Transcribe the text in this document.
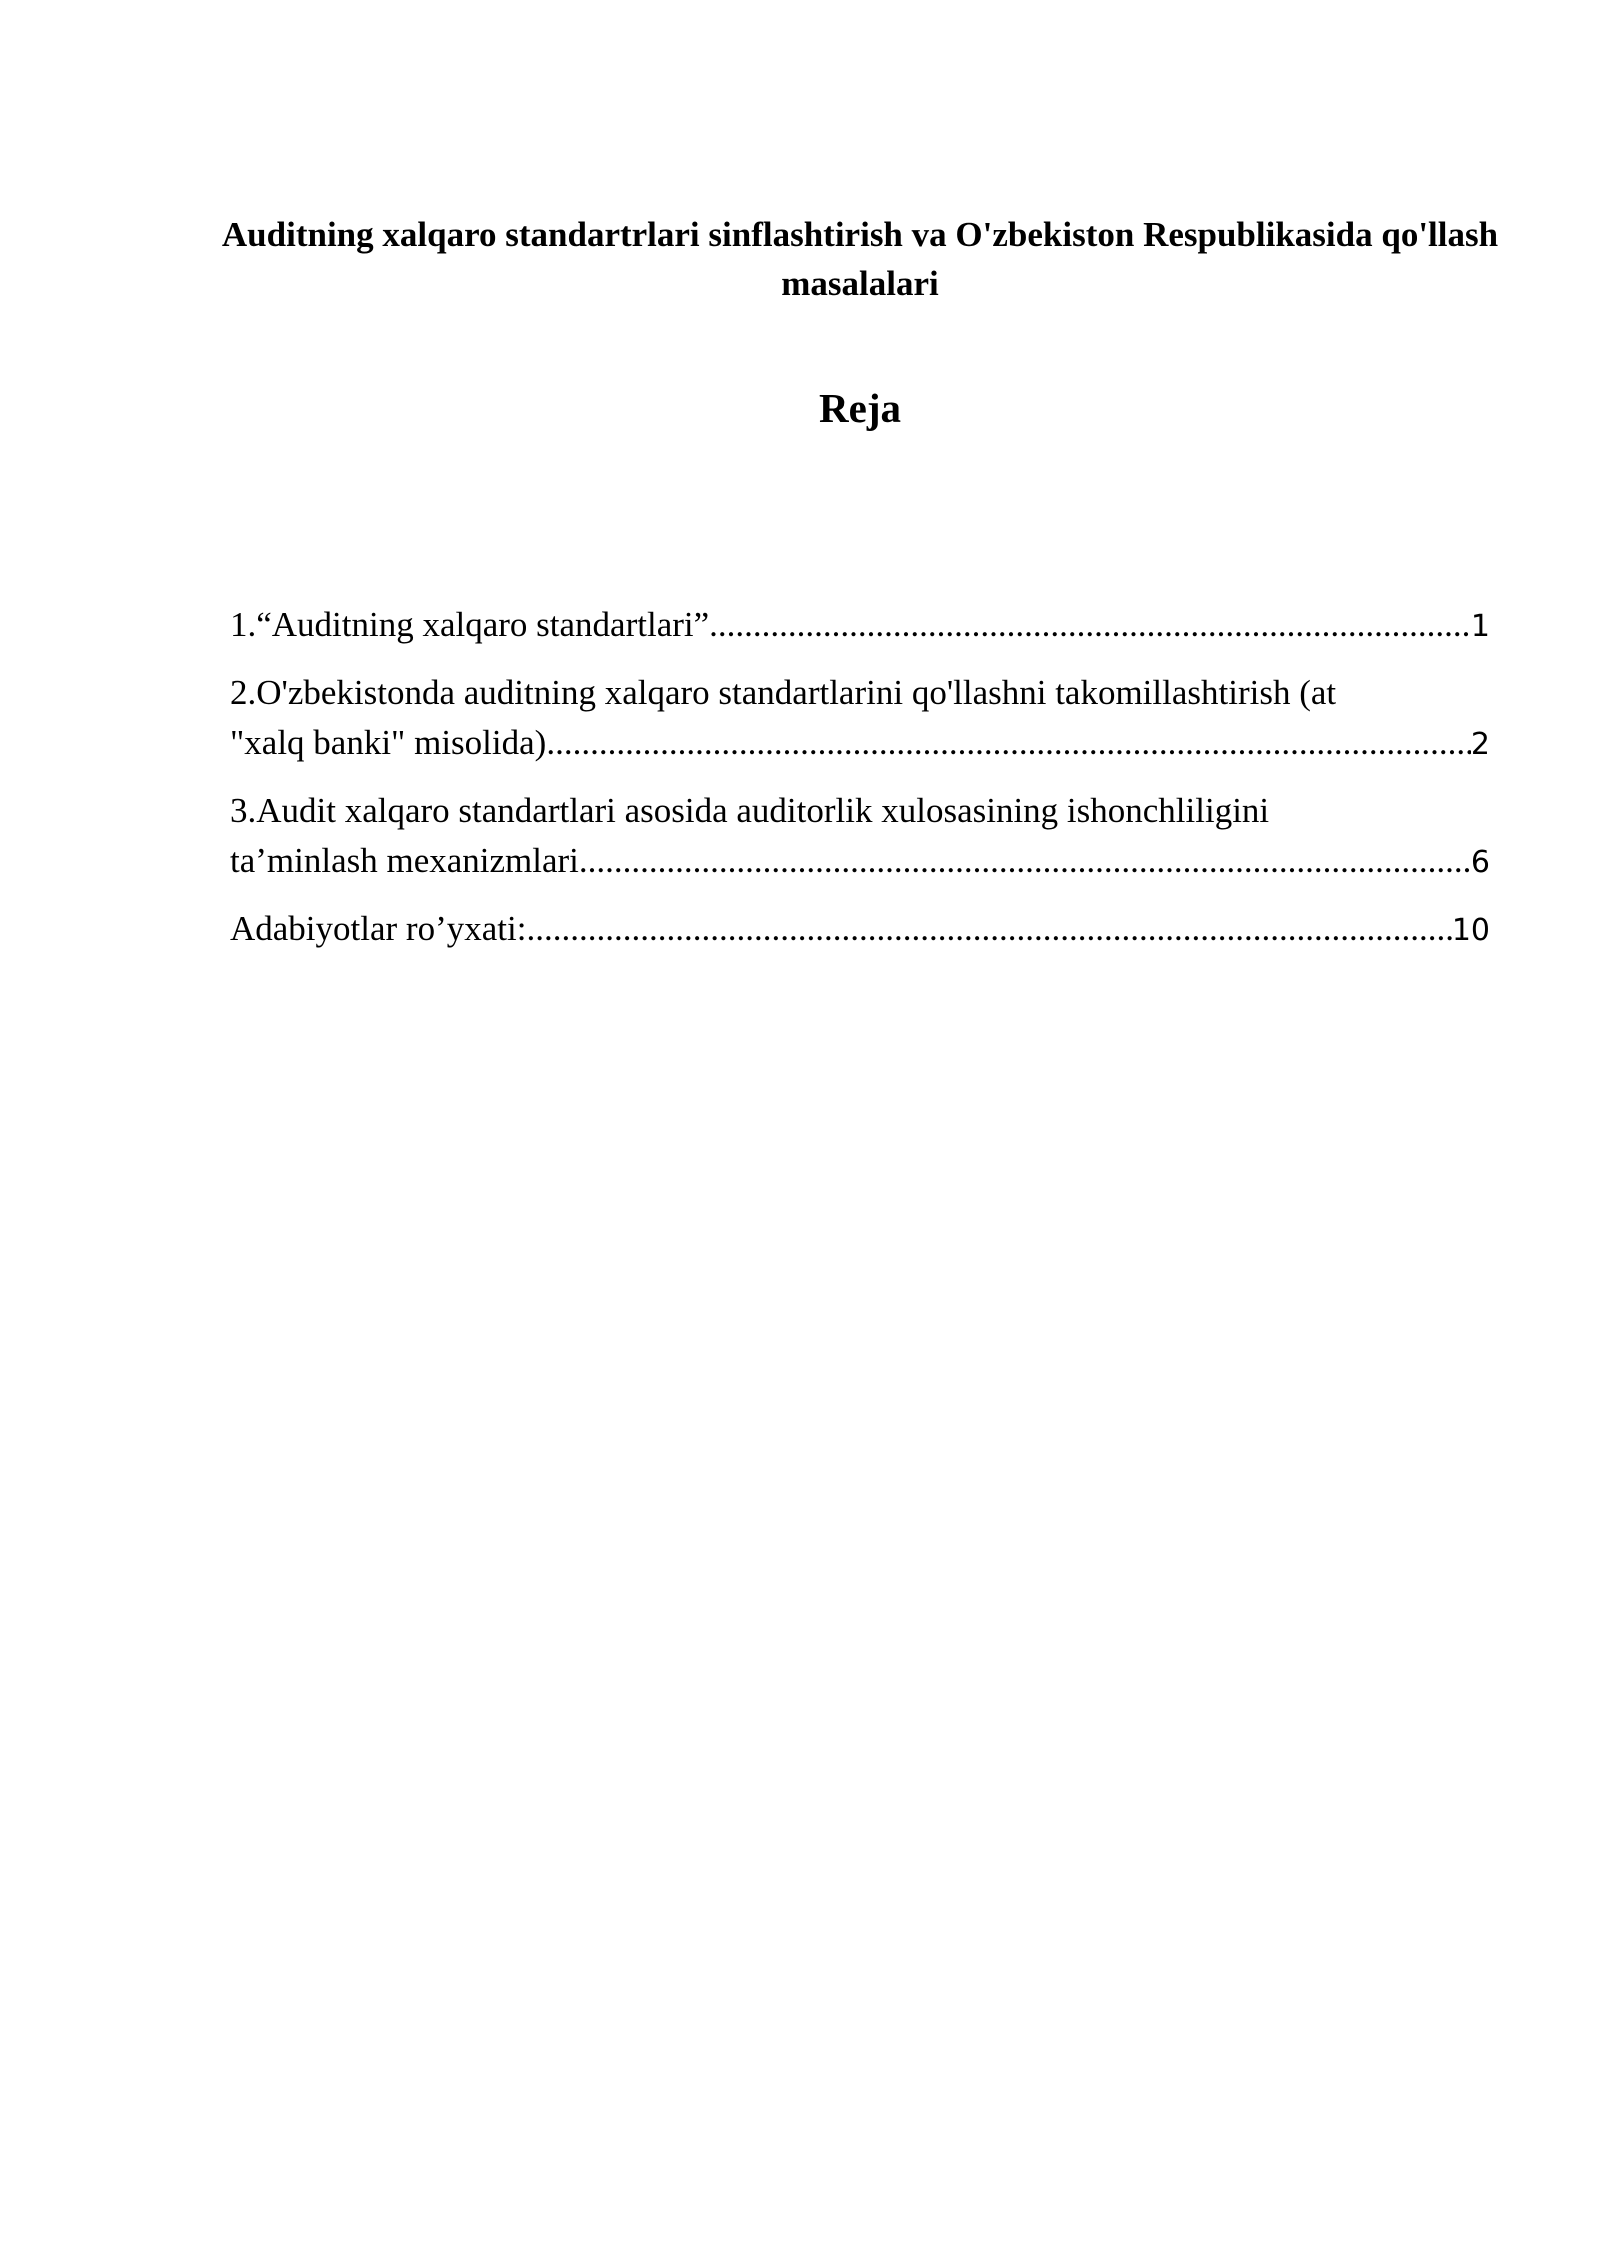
Auditning xalqaro standartrlari sinflashtirish va O'zbekiston Respublikasida qo'llash masalalari
Reja
1.“Auditning xalqaro standartlari” .....	1
2.O'zbekistonda auditning xalqaro standartlarini qo'llashni takomillashtirish (at
"xalq banki" misolida) .....	2
3.Audit xalqaro standartlari asosida auditorlik xulosasining ishonchliligini
ta’minlash mexanizmlari .....	6
Adabiyotlar ro’yxati: .....	10
